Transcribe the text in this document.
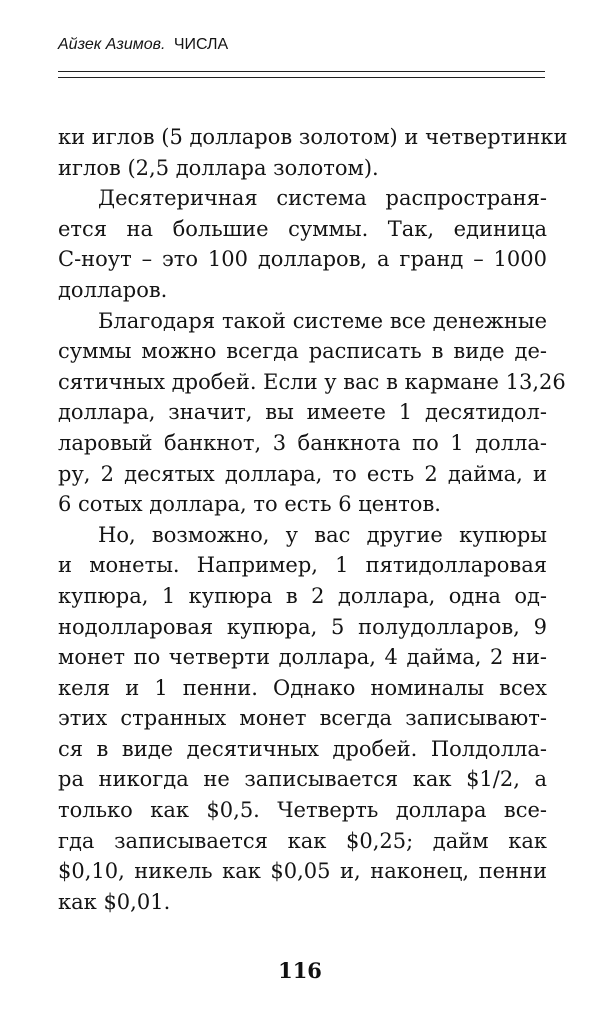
Айзек Азимов. ЧИСЛА
ки иглов (5 долларов золотом) и четвертинки
иглов (2,5 доллара золотом).
Десятеричная система распространя-
ется на большие суммы. Так, единица
С-ноут – это 100 долларов, а гранд – 1000
долларов.
Благодаря такой системе все денежные
суммы можно всегда расписать в виде де-
сятичных дробей. Если у вас в кармане 13,26
доллара, значит, вы имеете 1 десятидол-
ларовый банкнот, 3 банкнота по 1 долла-
ру, 2 десятых доллара, то есть 2 дайма, и
6 сотых доллара, то есть 6 центов.
Но, возможно, у вас другие купюры
и монеты. Например, 1 пятидолларовая
купюра, 1 купюра в 2 доллара, одна од-
нодолларовая купюра, 5 полудолларов, 9
монет по четверти доллара, 4 дайма, 2 ни-
келя и 1 пенни. Однако номиналы всех
этих странных монет всегда записывают-
ся в виде десятичных дробей. Полдолла-
ра никогда не записывается как $1/2, а
только как $0,5. Четверть доллара все-
гда записывается как $0,25; дайм как
$0,10, никель как $0,05 и, наконец, пенни
как $0,01.
116
